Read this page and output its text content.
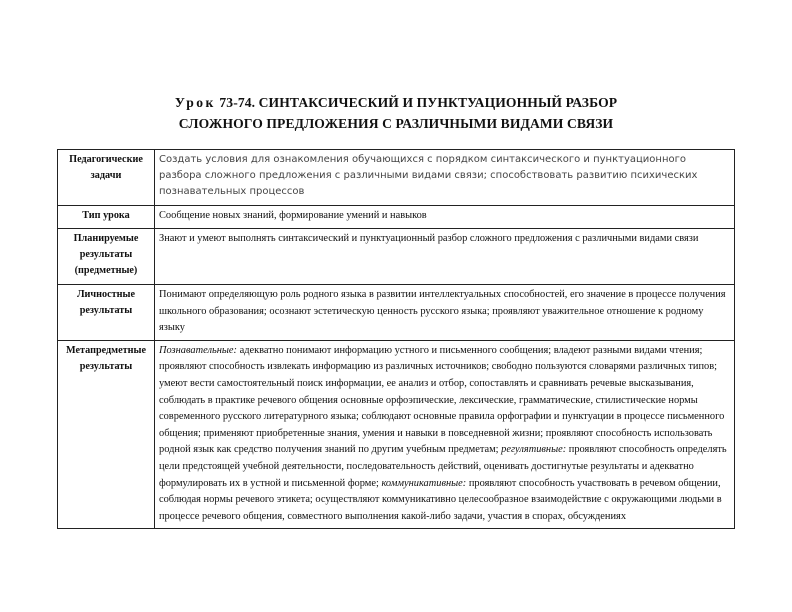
Урок 73-74. СИНТАКСИЧЕСКИЙ И ПУНКТУАЦИОННЫЙ РАЗБОР
СЛОЖНОГО ПРЕДЛОЖЕНИЯ С РАЗЛИЧНЫМИ ВИДАМИ СВЯЗИ
Педагогические задачи	Создать условия для ознакомления обучающихся с порядком синтаксического и пунктуационного разбора сложного предложения с различными видами связи; способствовать развитию психических познавательных процессов
Тип урока	Сообщение новых знаний, формирование умений и навыков
Планируемые результаты (предметные)	Знают и умеют выполнять синтаксический и пунктуационный разбор сложного предложения с различными видами связи
Личностные результаты	Понимают определяющую роль родного языка в развитии интеллектуальных способностей, его значение в процессе получения школьного образования; осознают эстетическую ценность русского языка; проявляют уважительное отношение к родному языку
Метапредметные результаты	Познавательные: адекватно понимают информацию устного и письменного сообщения; владеют разными видами чтения; проявляют способность извлекать информацию из различных источников; свободно пользуются словарями различных типов; умеют вести самостоятельный поиск информации, ее анализ и отбор, сопоставлять и сравнивать речевые высказывания, соблюдать в практике речевого общения основные орфоэпические, лексические, грамматические, стилистические нормы современного русского литературного языка; соблюдают основные правила орфографии и пунктуации в процессе письменного общения; применяют приобретенные знания, умения и навыки в повседневной жизни; проявляют способность использовать родной язык как средство получения знаний по другим учебным предметам; регулятивные: проявляют способность определять цели предстоящей учебной деятельности, последовательность действий, оценивать достигнутые результаты и адекватно формулировать их в устной и письменной форме; коммуникативные: проявляют способность участвовать в речевом общении, соблюдая нормы речевого этикета; осуществляют коммуникативно целесообразное взаимодействие с окружающими людьми в процессе речевого общения, совместного выполнения какой-либо задачи, участия в спорах, обсуждениях
